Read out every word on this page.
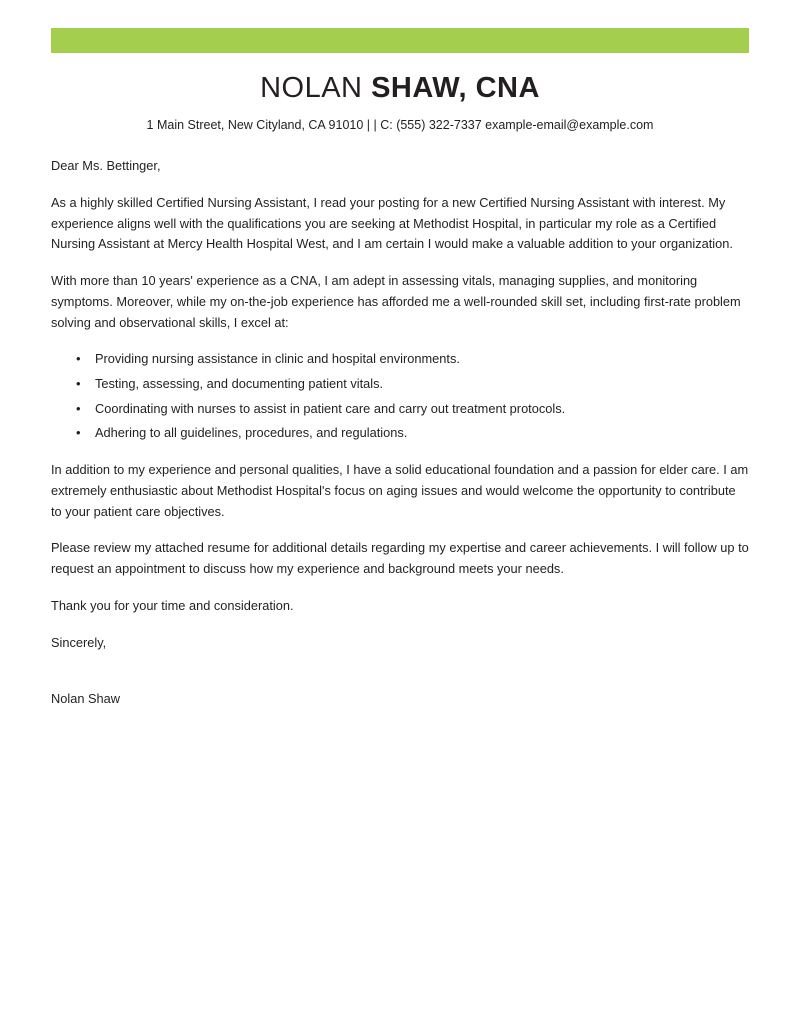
NOLAN SHAW, CNA
1 Main Street, New Cityland, CA 91010 | | C: (555) 322-7337 example-email@example.com

Dear Ms. Bettinger,

As a highly skilled Certified Nursing Assistant, I read your posting for a new Certified Nursing Assistant with interest. My experience aligns well with the qualifications you are seeking at Methodist Hospital, in particular my role as a Certified Nursing Assistant at Mercy Health Hospital West, and I am certain I would make a valuable addition to your organization.

With more than 10 years' experience as a CNA, I am adept in assessing vitals, managing supplies, and monitoring symptoms. Moreover, while my on-the-job experience has afforded me a well-rounded skill set, including first-rate problem solving and observational skills, I excel at:

• Providing nursing assistance in clinic and hospital environments.
• Testing, assessing, and documenting patient vitals.
• Coordinating with nurses to assist in patient care and carry out treatment protocols.
• Adhering to all guidelines, procedures, and regulations.

In addition to my experience and personal qualities, I have a solid educational foundation and a passion for elder care. I am extremely enthusiastic about Methodist Hospital's focus on aging issues and would welcome the opportunity to contribute to your patient care objectives.

Please review my attached resume for additional details regarding my expertise and career achievements. I will follow up to request an appointment to discuss how my experience and background meets your needs.

Thank you for your time and consideration.

Sincerely,

Nolan Shaw
